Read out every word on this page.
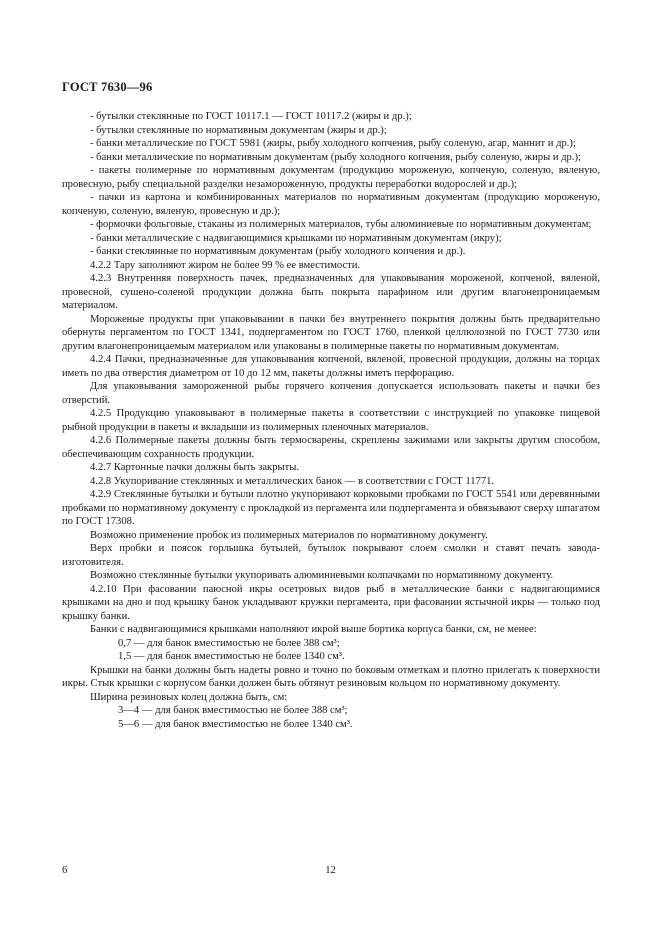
ГОСТ 7630—96

- бутылки стеклянные по ГОСТ 10117.1 — ГОСТ 10117.2 (жиры и др.);

- бутылки стеклянные по нормативным документам (жиры и др.);

- банки металлические по ГОСТ 5981 (жиры, рыбу холодного копчения, рыбу соленую, агар, маннит и др.);

- банки металлические по нормативным документам (рыбу холодного копчения, рыбу соленую, жиры и др.);

- пакеты полимерные по нормативным документам (продукцию мороженую, копченую, соленую, вяленую, провесную, рыбу специальной разделки незамороженную, продукты переработки водорослей и др.);

- пачки из картона и комбинированных материалов по нормативным документам (продукцию мороженую, копченую, соленую, вяленую, провесную и др.);

- формочки фольговые, стаканы из полимерных материалов, тубы алюминиевые по нормативным документам;

- банки металлические с надвигающимися крышками по нормативным документам (икру);

- банки стеклянные по нормативным документам (рыбу холодного копчения и др.).

4.2.2 Тару заполняют жиром не более 99 % ее вместимости.

4.2.3 Внутренняя поверхность пачек, предназначенных для упаковывания мороженой, копченой, вяленой, провесной, сушено-соленой продукции должна быть покрыта парафином или другим влагонепроницаемым материалом.

Мороженые продукты при упаковывании в пачки без внутреннего покрытия должны быть предварительно обернуты пергаментом по ГОСТ 1341, подпергаментом по ГОСТ 1760, пленкой целлюлозной по ГОСТ 7730 или другим влагонепроницаемым материалом или упакованы в полимерные пакеты по нормативным документам.

4.2.4 Пачки, предназначенные для упаковывания копченой, вяленой, провесной продукции, должны на торцах иметь по два отверстия диаметром от 10 до 12 мм, пакеты должны иметь перфорацию.

Для упаковывания замороженной рыбы горячего копчения допускается использовать пакеты и пачки без отверстий.

4.2.5 Продукцию упаковывают в полимерные пакеты в соответствии с инструкцией по упаковке пищевой рыбной продукции в пакеты и вкладыши из полимерных пленочных материалов.

4.2.6 Полимерные пакеты должны быть термосварены, скреплены зажимами или закрыты другим способом, обеспечивающим сохранность продукции.

4.2.7 Картонные пачки должны быть закрыты.

4.2.8 Укупоривание стеклянных и металлических банок — в соответствии с ГОСТ 11771.

4.2.9 Стеклянные бутылки и бутыли плотно укупоривают корковыми пробками по ГОСТ 5541 или деревянными пробками по нормативному документу с прокладкой из пергамента или подпергамента и обвязывают сверху шпагатом по ГОСТ 17308.

Возможно применение пробок из полимерных материалов по нормативному документу.

Верх пробки и поясок горлышка бутылей, бутылок покрывают слоем смолки и ставят печать завода-изготовителя.

Возможно стеклянные бутылки укупоривать алюминиевыми колпачками по нормативному документу.

4.2.10 При фасовании паюсной икры осетровых видов рыб в металлические банки с надвигающимися крышками на дно и под крышку банок укладывают кружки пергамента, при фасовании ястычной икры — только под крышку банки.

Банки с надвигающимися крышками наполняют икрой выше бортика корпуса банки, см, не менее:

0,7 — для банок вместимостью не более 388 см³;

1,5 — для банок вместимостью не более 1340 см³.

Крышки на банки должны быть надеты ровно и точно по боковым отметкам и плотно прилегать к поверхности икры. Стык крышки с корпусом банки должен быть обтянут резиновым кольцом по нормативному документу.

Ширина резиновых колец должна быть, см:

3—4 — для банок вместимостью не более 388 см³;

5—6 — для банок вместимостью не более 1340 см³.

6	12
